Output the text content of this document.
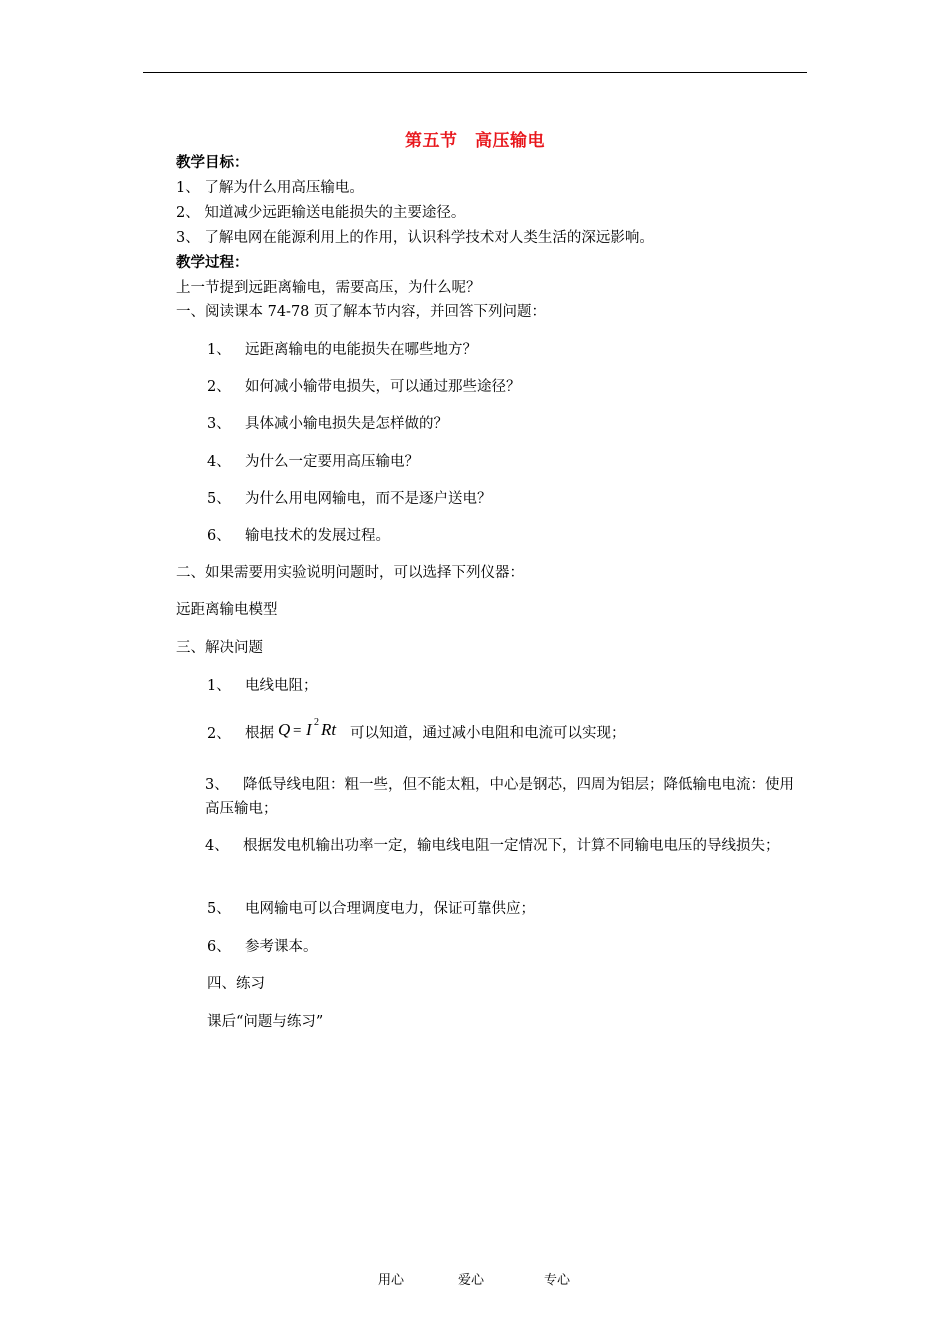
第五节　高压输电
教学目标：
1、 了解为什么用高压输电。
2、 知道减少远距输送电能损失的主要途径。
3、 了解电网在能源利用上的作用，认识科学技术对人类生活的深远影响。
教学过程：
上一节提到远距离输电，需要高压，为什么呢？
一、阅读课本 74-78 页了解本节内容，并回答下列问题：
1、 远距离输电的电能损失在哪些地方？
2、 如何减小输带电损失，可以通过那些途径？
3、 具体减小输电损失是怎样做的？
4、 为什么一定要用高压输电？
5、 为什么用电网输电，而不是逐户送电？
6、 输电技术的发展过程。
二、如果需要用实验说明问题时，可以选择下列仪器：
远距离输电模型
三、解决问题
1、 电线电阻；
2、 根据 Q = I 2 Rt 可以知道，通过减小电阻和电流可以实现；
3、 降低导线电阻：粗一些，但不能太粗，中心是钢芯，四周为铝层；降低输电电流：使用高压输电；
4、 根据发电机输出功率一定，输电线电阻一定情况下，计算不同输电电压的导线损失；
5、 电网输电可以合理调度电力，保证可靠供应；
6、 参考课本。
四、练习
课后“问题与练习”
用心	爱心	专心
